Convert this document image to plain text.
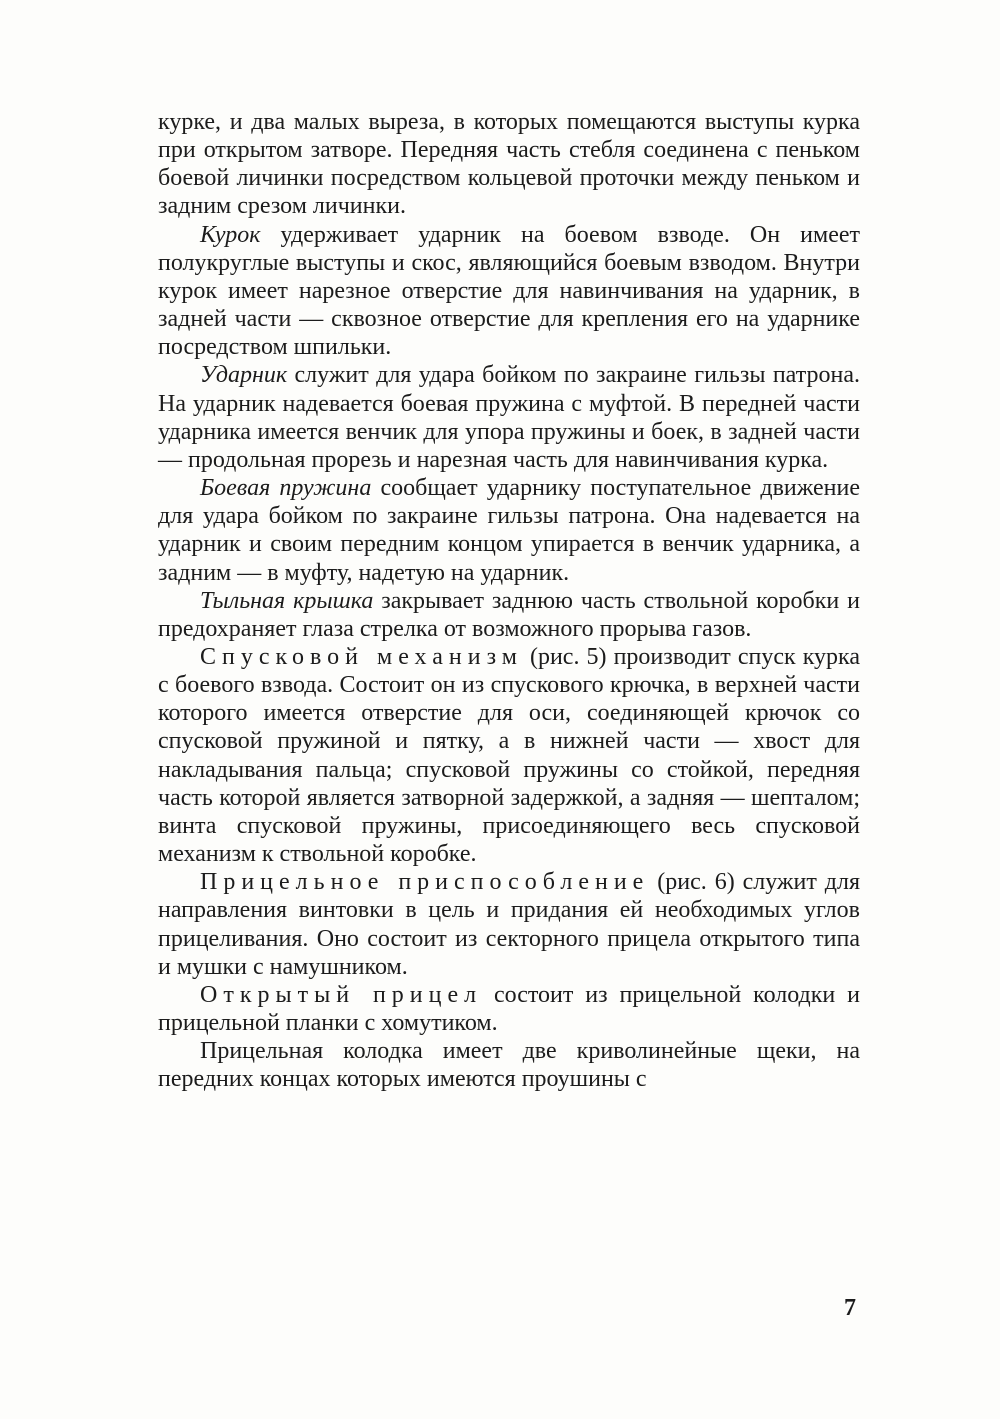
курке, и два малых выреза, в которых помещаются выступы курка при открытом затворе. Передняя часть стебля соединена с пеньком боевой личинки посредством кольцевой проточки между пеньком и задним срезом личинки.

Курок удерживает ударник на боевом взводе. Он имеет полукруглые выступы и скос, являющийся боевым взводом. Внутри курок имеет нарезное отверстие для навинчивания на ударник, в задней части — сквозное отверстие для крепления его на ударнике посредством шпильки.

Ударник служит для удара бойком по закраине гильзы патрона. На ударник надевается боевая пружина с муфтой. В передней части ударника имеется венчик для упора пружины и боек, в задней части — продольная прорезь и нарезная часть для навинчивания курка.

Боевая пружина сообщает ударнику поступательное движение для удара бойком по закраине гильзы патрона. Она надевается на ударник и своим передним концом упирается в венчик ударника, а задним — в муфту, надетую на ударник.

Тыльная крышка закрывает заднюю часть ствольной коробки и предохраняет глаза стрелка от возможного прорыва газов.

Спусковой механизм (рис. 5) производит спуск курка с боевого взвода. Состоит он из спускового крючка, в верхней части которого имеется отверстие для оси, соединяющей крючок со спусковой пружиной и пятку, а в нижней части — хвост для накладывания пальца; спусковой пружины со стойкой, передняя часть которой является затворной задержкой, а задняя — шепталом; винта спусковой пружины, присоединяющего весь спусковой механизм к ствольной коробке.

Прицельное приспособление (рис. 6) служит для направления винтовки в цель и придания ей необходимых углов прицеливания. Оно состоит из секторного прицела открытого типа и мушки с намушником.

Открытый прицел состоит из прицельной колодки и прицельной планки с хомутиком.

Прицельная колодка имеет две криволинейные щеки, на передних концах которых имеются проушины с

7
